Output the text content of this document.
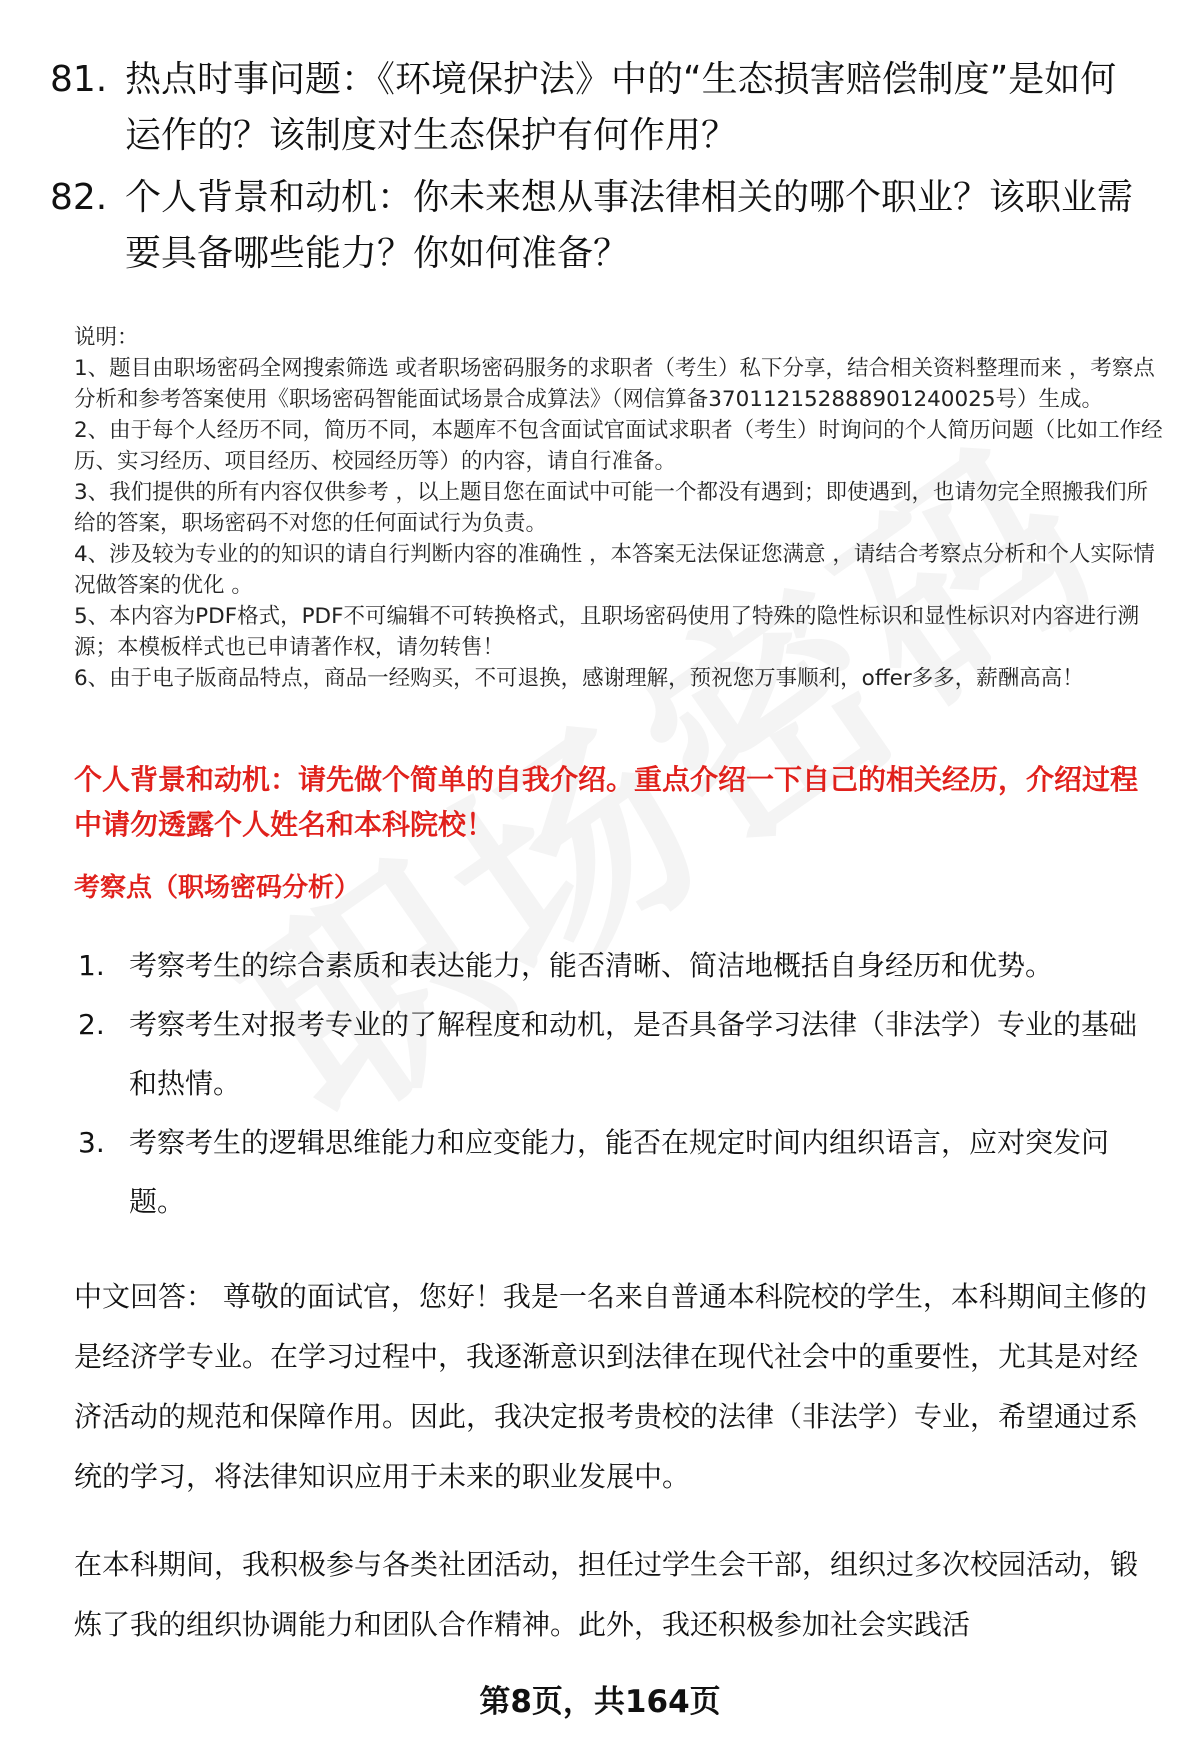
81. 热点时事问题：《环境保护法》中的“生态损害赔偿制度”是如何运作的？该制度对生态保护有何作用？
82. 个人背景和动机：你未来想从事法律相关的哪个职业？该职业需要具备哪些能力？你如何准备？

说明：

1、题目由职场密码全网搜索筛选 或者职场密码服务的求职者（考生）私下分享，结合相关资料整理而来 ，考察点分析和参考答案使用《职场密码智能面试场景合成算法》（网信算备370112152888901240025号）生成。

2、由于每个人经历不同，简历不同，本题库不包含面试官面试求职者（考生）时询问的个人简历问题（比如工作经历、实习经历、项目经历、校园经历等）的内容，请自行准备。

3、我们提供的所有内容仅供参考 ，以上题目您在面试中可能一个都没有遇到；即使遇到，也请勿完全照搬我们所给的答案，职场密码不对您的任何面试行为负责。

4、涉及较为专业的的知识的请自行判断内容的准确性 ，本答案无法保证您满意 ，请结合考察点分析和个人实际情况做答案的优化 。

5、本内容为PDF格式，PDF不可编辑不可转换格式，且职场密码使用了特殊的隐性标识和显性标识对内容进行溯源；本模板样式也已申请著作权，请勿转售！

6、由于电子版商品特点，商品一经购买，不可退换，感谢理解，预祝您万事顺利，offer多多，薪酬高高！

个人背景和动机：请先做个简单的自我介绍。重点介绍一下自己的相关经历，介绍过程中请勿透露个人姓名和本科院校！
考察点（职场密码分析）
1. 考察考生的综合素质和表达能力，能否清晰、简洁地概括自身经历和优势。
2. 考察考生对报考专业的了解程度和动机，是否具备学习法律（非法学）专业的基础和热情。
3. 考察考生的逻辑思维能力和应变能力，能否在规定时间内组织语言，应对突发问题。

中文回答： 尊敬的面试官，您好！我是一名来自普通本科院校的学生，本科期间主修的是经济学专业。在学习过程中，我逐渐意识到法律在现代社会中的重要性，尤其是对经济活动的规范和保障作用。因此，我决定报考贵校的法律（非法学）专业，希望通过系统的学习，将法律知识应用于未来的职业发展中。

在本科期间，我积极参与各类社团活动，担任过学生会干部，组织过多次校园活动，锻炼了我的组织协调能力和团队合作精神。此外，我还积极参加社会实践活

第8页，共164页
